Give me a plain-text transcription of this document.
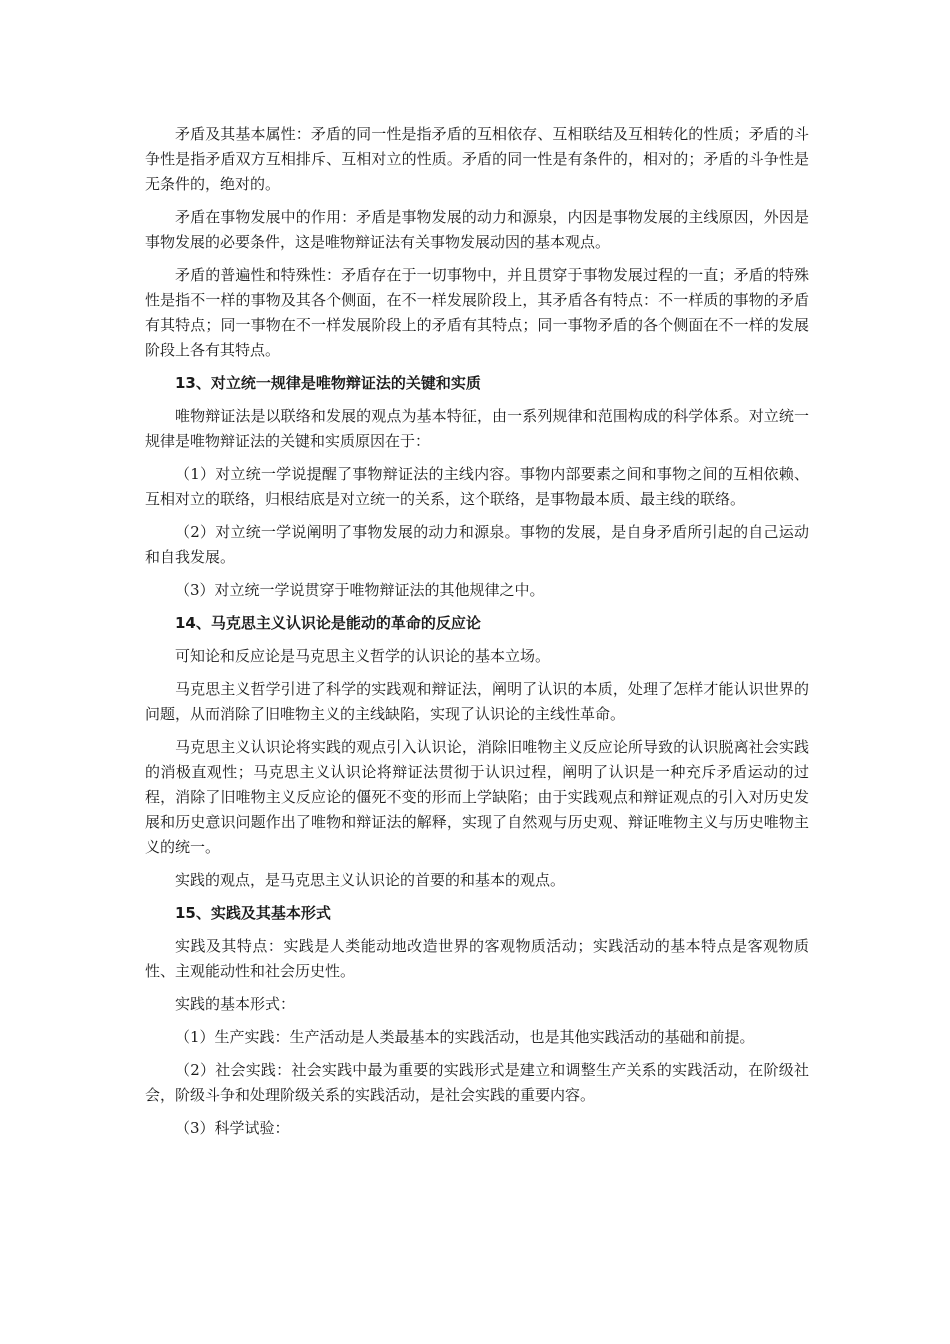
矛盾及其基本属性：矛盾的同一性是指矛盾的互相依存、互相联结及互相转化的性质；矛盾的斗争性是指矛盾双方互相排斥、互相对立的性质。矛盾的同一性是有条件的，相对的；矛盾的斗争性是无条件的，绝对的。

矛盾在事物发展中的作用：矛盾是事物发展的动力和源泉，内因是事物发展的主线原因，外因是事物发展的必要条件，这是唯物辩证法有关事物发展动因的基本观点。

矛盾的普遍性和特殊性：矛盾存在于一切事物中，并且贯穿于事物发展过程的一直；矛盾的特殊性是指不一样的事物及其各个侧面，在不一样发展阶段上，其矛盾各有特点：不一样质的事物的矛盾有其特点；同一事物在不一样发展阶段上的矛盾有其特点；同一事物矛盾的各个侧面在不一样的发展阶段上各有其特点。

13、对立统一规律是唯物辩证法的关键和实质

唯物辩证法是以联络和发展的观点为基本特征，由一系列规律和范围构成的科学体系。对立统一规律是唯物辩证法的关键和实质原因在于：

（1）对立统一学说提醒了事物辩证法的主线内容。事物内部要素之间和事物之间的互相依赖、互相对立的联络，归根结底是对立统一的关系，这个联络，是事物最本质、最主线的联络。

（2）对立统一学说阐明了事物发展的动力和源泉。事物的发展，是自身矛盾所引起的自己运动和自我发展。

（3）对立统一学说贯穿于唯物辩证法的其他规律之中。

14、马克思主义认识论是能动的革命的反应论

可知论和反应论是马克思主义哲学的认识论的基本立场。

马克思主义哲学引进了科学的实践观和辩证法，阐明了认识的本质，处理了怎样才能认识世界的问题，从而消除了旧唯物主义的主线缺陷，实现了认识论的主线性革命。

马克思主义认识论将实践的观点引入认识论，消除旧唯物主义反应论所导致的认识脱离社会实践的消极直观性；马克思主义认识论将辩证法贯彻于认识过程，阐明了认识是一种充斥矛盾运动的过程，消除了旧唯物主义反应论的僵死不变的形而上学缺陷；由于实践观点和辩证观点的引入对历史发展和历史意识问题作出了唯物和辩证法的解释，实现了自然观与历史观、辩证唯物主义与历史唯物主义的统一。

实践的观点，是马克思主义认识论的首要的和基本的观点。

15、实践及其基本形式

实践及其特点：实践是人类能动地改造世界的客观物质活动；实践活动的基本特点是客观物质性、主观能动性和社会历史性。

实践的基本形式：

（1）生产实践：生产活动是人类最基本的实践活动，也是其他实践活动的基础和前提。

（2）社会实践：社会实践中最为重要的实践形式是建立和调整生产关系的实践活动，在阶级社会，阶级斗争和处理阶级关系的实践活动，是社会实践的重要内容。

（3）科学试验：
